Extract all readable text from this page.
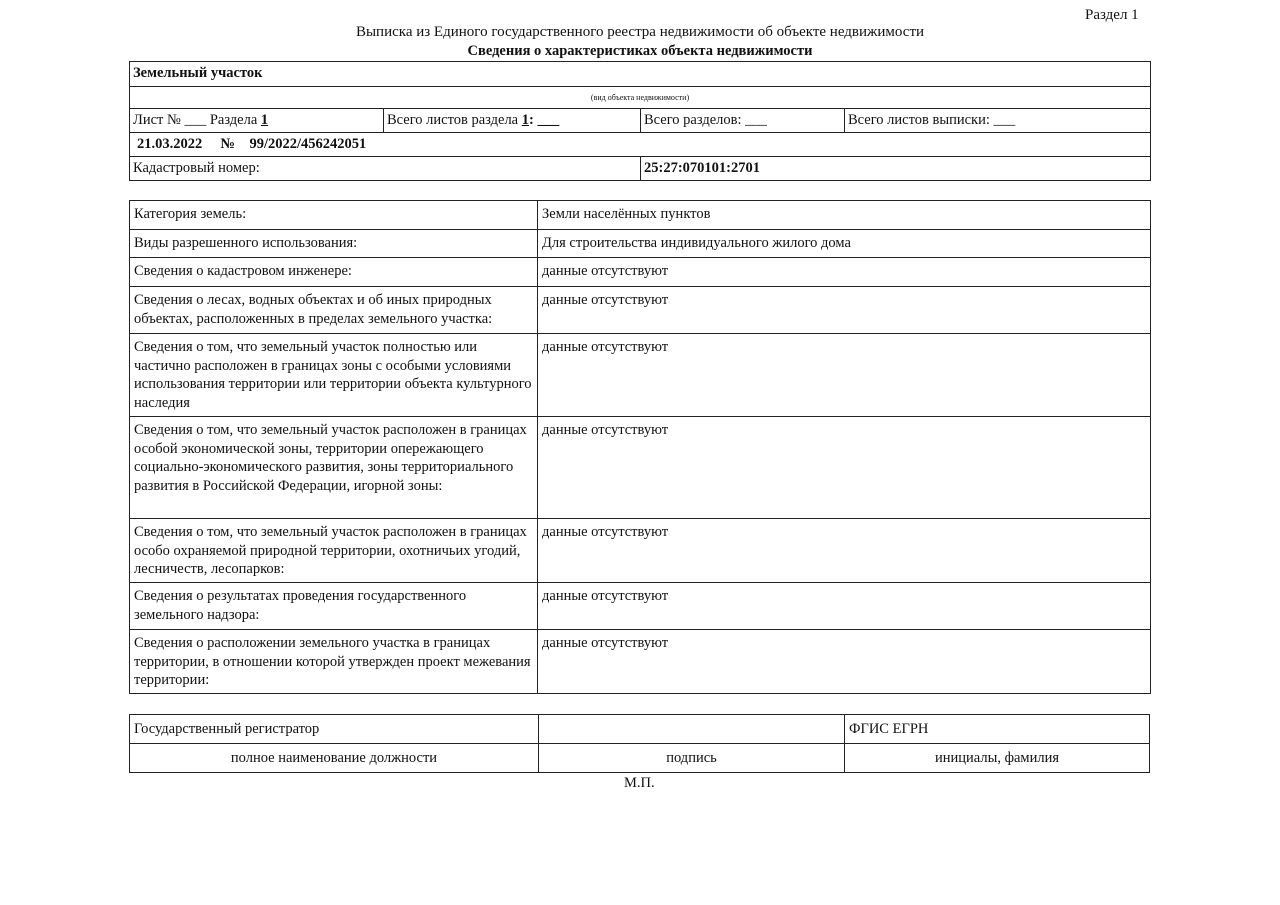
Раздел 1
Выписка из Единого государственного реестра недвижимости об объекте недвижимости
Сведения о характеристиках объекта недвижимости
Земельный участок			
(вид объекта недвижимости)			
Лист № ___ Раздела 1	Всего листов раздела 1: ___	Всего разделов: ___	Всего листов выписки: ___
21.03.2022 № 99/2022/456242051			
Кадастровый номер:		25:27:070101:2701	
Категория земель:	Земли населённых пунктов
Виды разрешенного использования:	Для строительства индивидуального жилого дома
Сведения о кадастровом инженере:	данные отсутствуют
Сведения о лесах, водных объектах и об иных природных объектах, расположенных в пределах земельного участка:	данные отсутствуют
Сведения о том, что земельный участок полностью или частично расположен в границах зоны с особыми условиями использования территории или территории объекта культурного наследия	данные отсутствуют
Сведения о том, что земельный участок расположен в границах особой экономической зоны, территории опережающего социально-экономического развития, зоны территориального развития в Российской Федерации, игорной зоны:	данные отсутствуют
Сведения о том, что земельный участок расположен в границах особо охраняемой природной территории, охотничьих угодий, лесничеств, лесопарков:	данные отсутствуют
Сведения о результатах проведения государственного земельного надзора:	данные отсутствуют
Сведения о расположении земельного участка в границах территории, в отношении которой утвержден проект межевания территории:	данные отсутствуют
Государственный регистратор		ФГИС ЕГРН
полное наименование должности	подпись	инициалы, фамилия
М.П.
